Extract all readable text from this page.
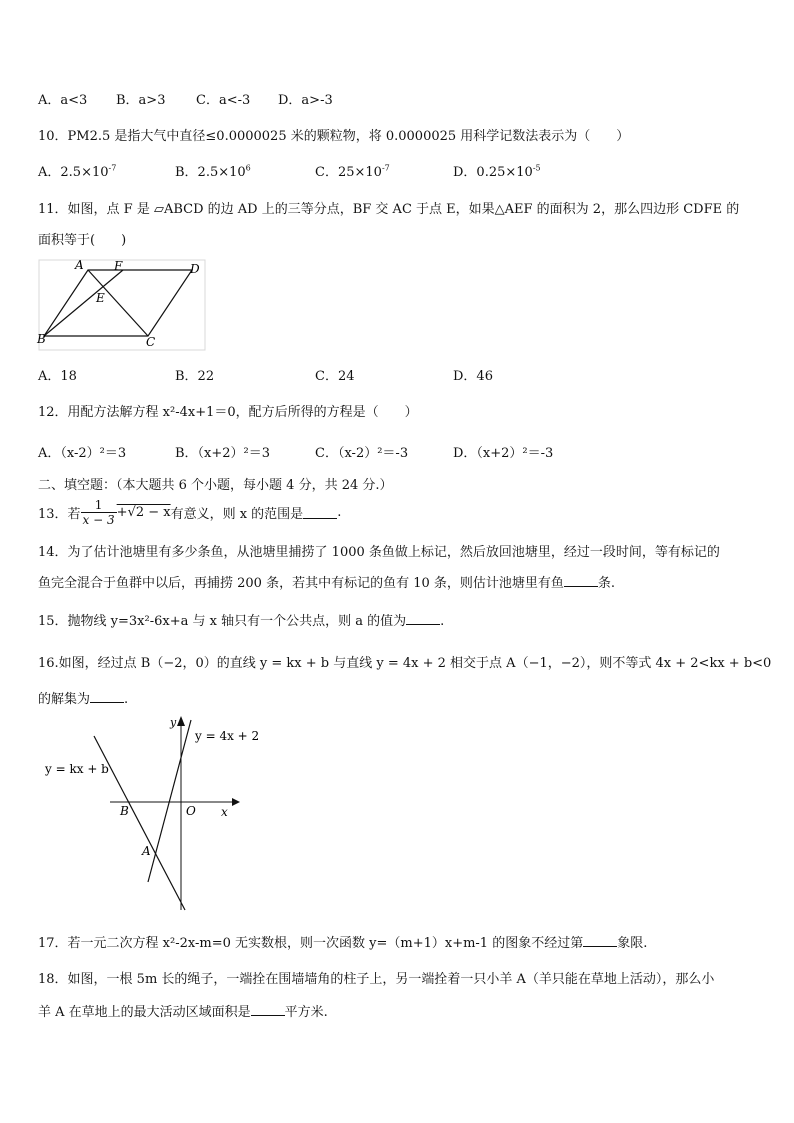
A．a<3 B．a>3 C．a<-3 D．a>-3
10．PM2.5 是指大气中直径≤0.0000025 米的颗粒物，将 0.0000025 用科学记数法表示为（　　）
A．$2.5\times 10^{-7}$	B．$2.5\times 10^6$	C．$25\times 10^{-7}$	D．$0.25\times 10^{-5}$
11．如图，点 F 是 ▱ABCD 的边 AD 上的三等分点，BF 交 AC 于点 E，如果△AEF 的面积为 2，那么四边形 CDFE 的
面积等于(　　)
A	F	D
E
B	C
A．18	B．22	C．24	D．46
12．用配方法解方程 x²-4x+1＝0，配方后所得的方程是（　　）
A．（x-2）²＝3	B．（x+2）²＝3	C．（x-2）²＝-3	D．（x+2）²＝-3
二、填空题：（本大题共 6 个小题，每小题 4 分，共 24 分.）
13．若 $\frac{1}{x - 3} +√2 - x$ 有意义，则 x 的范围是	.
14．为了估计池塘里有多少条鱼，从池塘里捕捞了 1000 条鱼做上标记，然后放回池塘里，经过一段时间，等有标记的
鱼完全混合于鱼群中以后，再捕捞 200 条，若其中有标记的鱼有 10 条，则估计池塘里有鱼	条.
15．抛物线 y=3x²-6x+a 与 x 轴只有一个公共点，则 a 的值为	.
16.如图，经过点 B（−2，0）的直线 y = kx + b 与直线 y = 4x + 2 相交于点 A（−1，−2），则不等式 4x + 2<kx + b<0
的解集为	.
y
y = 4x + 2
y = kx + b
B	O x
A
17．若一元二次方程 x²-2x-m=0 无实数根，则一次函数 y=（m+1）x+m-1 的图象不经过第	象限.
18．如图，一根 5m 长的绳子，一端拴在围墙墙角的柱子上，另一端拴着一只小羊 A（羊只能在草地上活动），那么小
羊 A 在草地上的最大活动区域面积是	平方米.
